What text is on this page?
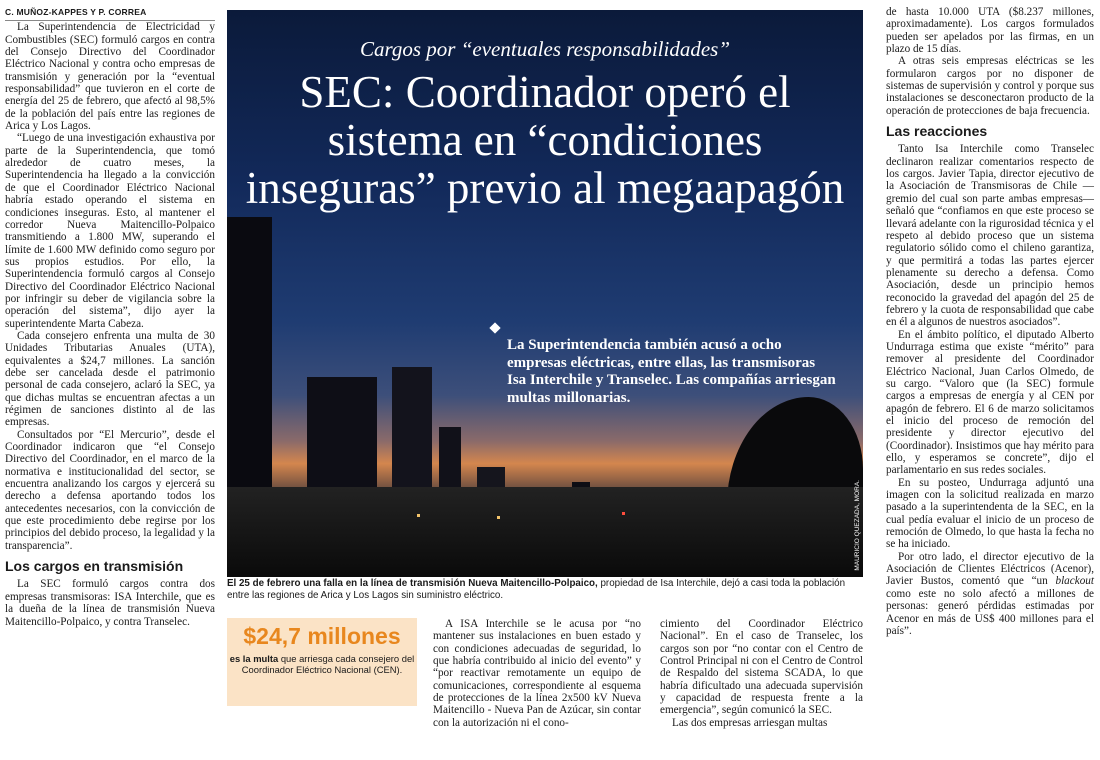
C. MUÑOZ-KAPPES Y P. CORREA

La Superintendencia de Electricidad y Combustibles (SEC) formuló cargos en contra del Consejo Directivo del Coordinador Eléctrico Nacional y contra ocho empresas de transmisión y generación por la “eventual responsabilidad” que tuvieron en el corte de energía del 25 de febrero, que afectó al 98,5% de la población del país entre las regiones de Arica y Los Lagos.

“Luego de una investigación exhaustiva por parte de la Superintendencia, que tomó alrededor de cuatro meses, la Superintendencia ha llegado a la convicción de que el Coordinador Eléctrico Nacional habría estado operando el sistema en condiciones inseguras. Esto, al mantener el corredor Nueva Maitencillo-Polpaico transmitiendo a 1.800 MW, superando el límite de 1.600 MW definido como seguro por sus propios estudios. Por ello, la Superintendencia formuló cargos al Consejo Directivo del Coordinador Eléctrico Nacional por infringir su deber de vigilancia sobre la operación del sistema”, dijo ayer la superintendente Marta Cabeza.

Cada consejero enfrenta una multa de 30 Unidades Tributarias Anuales (UTA), equivalentes a $24,7 millones. La sanción debe ser cancelada desde el patrimonio personal de cada consejero, aclaró la SEC, ya que dichas multas se encuentran afectas a un régimen de sanciones distinto al de las empresas.

Consultados por “El Mercurio”, desde el Coordinador indicaron que “el Consejo Directivo del Coordinador, en el marco de la normativa e institucionalidad del sector, se encuentra analizando los cargos y ejercerá su derecho a defensa aportando todos los antecedentes necesarios, con la convicción de que este procedimiento debe regirse por los principios del debido proceso, la legalidad y la transparencia”.

Los cargos en transmisión

La SEC formuló cargos contra dos empresas transmisoras: ISA Interchile, que es la dueña de la línea de transmisión Nueva Maitencillo-Polpaico, y contra Transelec.

Cargos por “eventuales responsabilidades”
SEC: Coordinador operó el sistema en “condiciones inseguras” previo al megaapagón
La Superintendencia también acusó a ocho empresas eléctricas, entre ellas, las transmisoras Isa Interchile y Transelec. Las compañías arriesgan multas millonarias.
MAURICIO QUEZADA, MORA.
El 25 de febrero una falla en la línea de transmisión Nueva Maitencillo-Polpaico, propiedad de Isa Interchile, dejó a casi toda la población entre las regiones de Arica y Los Lagos sin suministro eléctrico.
$24,7 millones
es la multa que arriesga cada consejero del Coordinador Eléctrico Nacional (CEN).

A ISA Interchile se le acusa por “no mantener sus instalaciones en buen estado y con condiciones adecuadas de seguridad, lo que habría contribuido al inicio del evento” y “por reactivar remotamente un equipo de comunicaciones, correspondiente al esquema de protecciones de la línea 2x500 kV Nueva Maitencillo - Nueva Pan de Azúcar, sin contar con la autorización ni el cono-

cimiento del Coordinador Eléctrico Nacional”. En el caso de Transelec, los cargos son por “no contar con el Centro de Control Principal ni con el Centro de Control de Respaldo del sistema SCADA, lo que habría dificultado una adecuada supervisión y capacidad de respuesta frente a la emergencia”, según comunicó la SEC.

Las dos empresas arriesgan multas

de hasta 10.000 UTA ($8.237 millones, aproximadamente). Los cargos formulados pueden ser apelados por las firmas, en un plazo de 15 días.

A otras seis empresas eléctricas se les formularon cargos por no disponer de sistemas de supervisión y control y porque sus instalaciones se desconectaron producto de la operación de protecciones de baja frecuencia.

Las reacciones

Tanto Isa Interchile como Transelec declinaron realizar comentarios respecto de los cargos. Javier Tapia, director ejecutivo de la Asociación de Transmisoras de Chile —gremio del cual son parte ambas empresas— señaló que “confiamos en que este proceso se llevará adelante con la rigurosidad técnica y el respeto al debido proceso que un sistema regulatorio sólido como el chileno garantiza, y que permitirá a todas las partes ejercer plenamente su derecho a defensa. Como Asociación, desde un principio hemos reconocido la gravedad del apagón del 25 de febrero y la cuota de responsabilidad que cabe en él a algunos de nuestros asociados”.

En el ámbito político, el diputado Alberto Undurraga estima que existe “mérito” para remover al presidente del Coordinador Eléctrico Nacional, Juan Carlos Olmedo, de su cargo. “Valoro que (la SEC) formule cargos a empresas de energía y al CEN por apagón de febrero. El 6 de marzo solicitamos el inicio del proceso de remoción del presidente y director ejecutivo del (Coordinador). Insistimos que hay mérito para ello, y esperamos se concrete”, dijo el parlamentario en sus redes sociales.

En su posteo, Undurraga adjuntó una imagen con la solicitud realizada en marzo pasado a la superintendenta de la SEC, en la cual pedía evaluar el inicio de un proceso de remoción de Olmedo, lo que hasta la fecha no se ha iniciado.

Por otro lado, el director ejecutivo de la Asociación de Clientes Eléctricos (Acenor), Javier Bustos, comentó que “un blackout como este no solo afectó a millones de personas: generó pérdidas estimadas por Acenor en más de US$ 400 millones para el país”.
